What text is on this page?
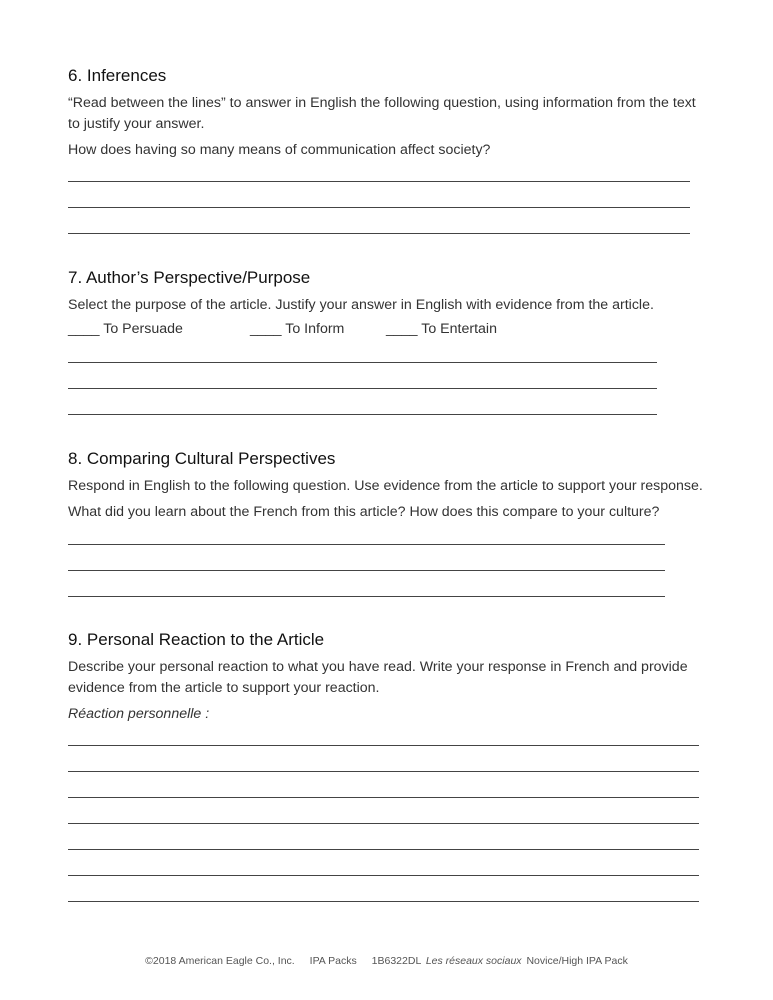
6. Inferences

“Read between the lines” to answer in English the following question, using information from the text to justify your answer.

How does having so many means of communication affect society?

7. Author’s Perspective/Purpose

Select the purpose of the article. Justify your answer in English with evidence from the article.

____ To Persuade	____ To Inform	____ To Entertain
8. Comparing Cultural Perspectives

Respond in English to the following question. Use evidence from the article to support your response.

What did you learn about the French from this article? How does this compare to your culture?

9. Personal Reaction to the Article

Describe your personal reaction to what you have read. Write your response in French and provide evidence from the article to support your reaction.

Réaction personnelle :

©2018 American Eagle Co., Inc. IPA Packs 1B6322DL Les réseaux sociaux Novice/High IPA Pack
